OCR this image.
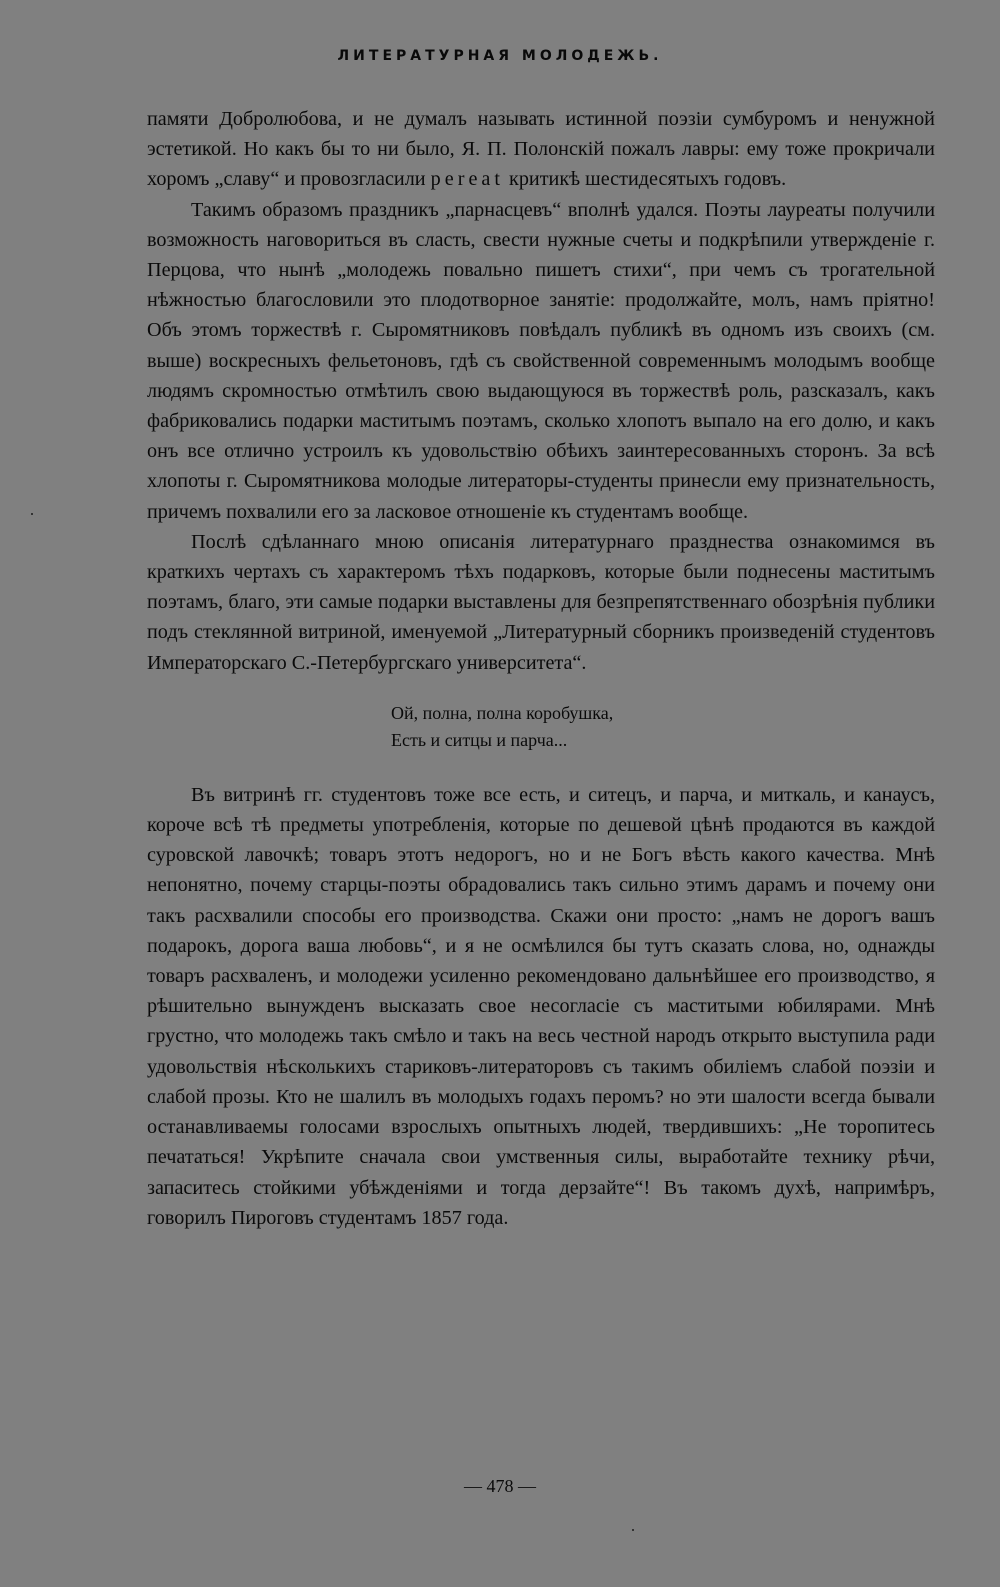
ЛИТЕРАТУРНАЯ МОЛОДЕЖЬ.

памяти Добролюбова, и не думалъ называть истинной поэзіи сумбуромъ и ненужной эстетикой. Но какъ бы то ни было, Я. П. Полонскій пожалъ лавры: ему тоже прокричали хоромъ „славу“ и провозгласили pereat критикѣ шестидесятыхъ годовъ.

Такимъ образомъ праздникъ „парнасцевъ“ вполнѣ удался. Поэты лауреаты получили возможность наговориться въ сласть, свести нужные счеты и подкрѣпили утвержденіе г. Перцова, что нынѣ „молодежь повально пишетъ стихи“, при чемъ съ трогательной нѣжностью благословили это плодотворное занятіе: продолжайте, молъ, намъ пріятно! Объ этомъ торжествѣ г. Сыромятниковъ повѣдалъ публикѣ въ одномъ изъ своихъ (см. выше) воскресныхъ фельетоновъ, гдѣ съ свойственной современнымъ молодымъ вообще людямъ скромностью отмѣтилъ свою выдающуюся въ торжествѣ роль, разсказалъ, какъ фабриковались подарки маститымъ поэтамъ, сколько хлопотъ выпало на его долю, и какъ онъ все отлично устроилъ къ удовольствію обѣихъ заинтересованныхъ сторонъ. За всѣ хлопоты г. Сыромятникова молодые литераторы-студенты принесли ему признательность, причемъ похвалили его за ласковое отношеніе къ студентамъ вообще.

Послѣ сдѣланнаго мною описанія литературнаго празднества ознакомимся въ краткихъ чертахъ съ характеромъ тѣхъ подарковъ, которые были поднесены маститымъ поэтамъ, благо, эти самые подарки выставлены для безпрепятственнаго обозрѣнія публики подъ стеклянной витриной, именуемой „Литературный сборникъ произведеній студентовъ Императорскаго С.-Петербургскаго университета“.

Ой, полна, полна коробушка,
Есть и ситцы и парча...

Въ витринѣ гг. студентовъ тоже все есть, и ситецъ, и парча, и миткаль, и канаусъ, короче всѣ тѣ предметы употребленія, которые по дешевой цѣнѣ продаются въ каждой суровской лавочкѣ; товаръ этотъ недорогъ, но и не Богъ вѣсть какого качества. Мнѣ непонятно, почему старцы-поэты обрадовались такъ сильно этимъ дарамъ и почему они такъ расхвалили способы его производства. Скажи они просто: „намъ не дорогъ вашъ подарокъ, дорога ваша любовь“, и я не осмѣлился бы тутъ сказать слова, но, однажды товаръ расхваленъ, и молодежи усиленно рекомендовано дальнѣйшее его производство, я рѣшительно вынужденъ высказать свое несогласіе съ маститыми юбилярами. Мнѣ грустно, что молодежь такъ смѣло и такъ на весь честной народъ открыто выступила ради удовольствія нѣсколькихъ стариковъ-литераторовъ съ такимъ обиліемъ слабой поэзіи и слабой прозы. Кто не шалилъ въ молодыхъ годахъ перомъ? но эти шалости всегда бывали останавливаемы голосами взрослыхъ опытныхъ людей, твердившихъ: „Не торопитесь печататься! Укрѣпите сначала свои умственныя силы, выработайте технику рѣчи, запаситесь стойкими убѣжденіями и тогда дерзайте“! Въ такомъ духѣ, напримѣръ, говорилъ Пироговъ студентамъ 1857 года.

— 478 —
